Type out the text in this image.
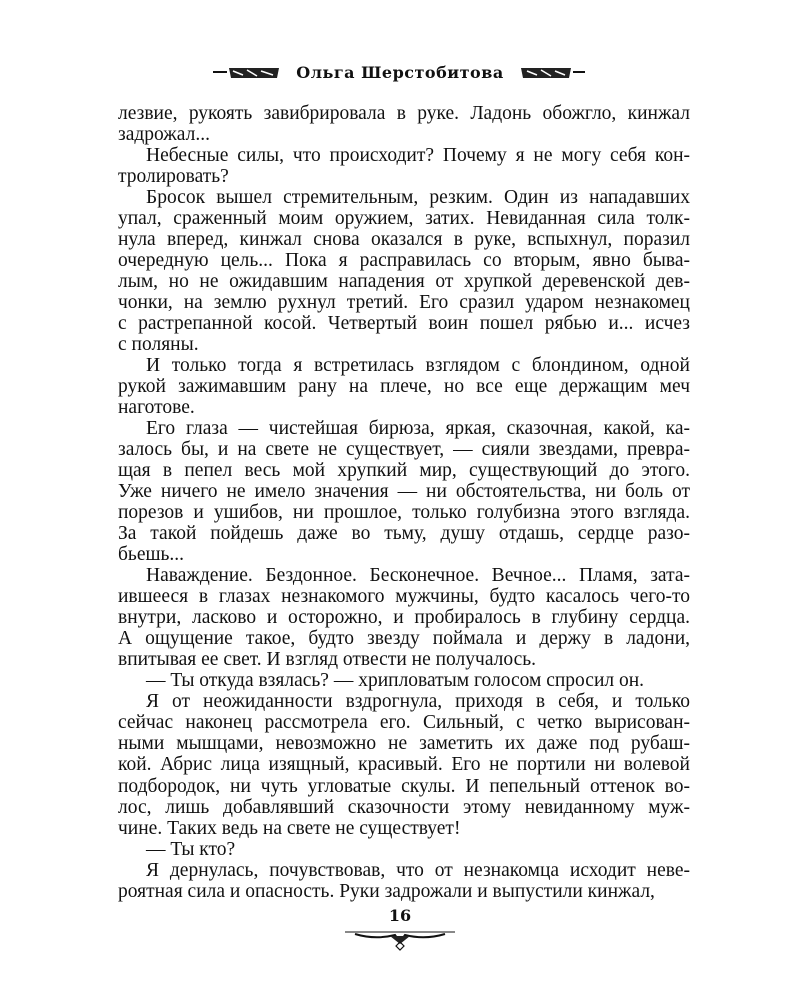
Ольга Шерстобитова
лезвие, рукоять завибрировала в руке. Ладонь обожгло, кинжал
задрожал...
Небесные силы, что происходит? Почему я не могу себя кон-
тролировать?
Бросок вышел стремительным, резким. Один из нападавших
упал, сраженный моим оружием, затих. Невиданная сила толк-
нула вперед, кинжал снова оказался в руке, вспыхнул, поразил
очередную цель... Пока я расправилась со вторым, явно быва-
лым, но не ожидавшим нападения от хрупкой деревенской дев-
чонки, на землю рухнул третий. Его сразил ударом незнакомец
с растрепанной косой. Четвертый воин пошел рябью и... исчез
с поляны.
И только тогда я встретилась взглядом с блондином, одной
рукой зажимавшим рану на плече, но все еще держащим меч
наготове.
Его глаза — чистейшая бирюза, яркая, сказочная, какой, ка-
залось бы, и на свете не существует, — сияли звездами, превра-
щая в пепел весь мой хрупкий мир, существующий до этого.
Уже ничего не имело значения — ни обстоятельства, ни боль от
порезов и ушибов, ни прошлое, только голубизна этого взгляда.
За такой пойдешь даже во тьму, душу отдашь, сердце разо-
бьешь...
Наваждение. Бездонное. Бесконечное. Вечное... Пламя, зата-
ившееся в глазах незнакомого мужчины, будто касалось чего-то
внутри, ласково и осторожно, и пробиралось в глубину сердца.
А ощущение такое, будто звезду поймала и держу в ладони,
впитывая ее свет. И взгляд отвести не получалось.
— Ты откуда взялась? — хрипловатым голосом спросил он.
Я от неожиданности вздрогнула, приходя в себя, и только
сейчас наконец рассмотрела его. Сильный, с четко вырисован-
ными мышцами, невозможно не заметить их даже под рубаш-
кой. Абрис лица изящный, красивый. Его не портили ни волевой
подбородок, ни чуть угловатые скулы. И пепельный оттенок во-
лос, лишь добавлявший сказочности этому невиданному муж-
чине. Таких ведь на свете не существует!
— Ты кто?
Я дернулась, почувствовав, что от незнакомца исходит неве-
роятная сила и опасность. Руки задрожали и выпустили кинжал,
16
